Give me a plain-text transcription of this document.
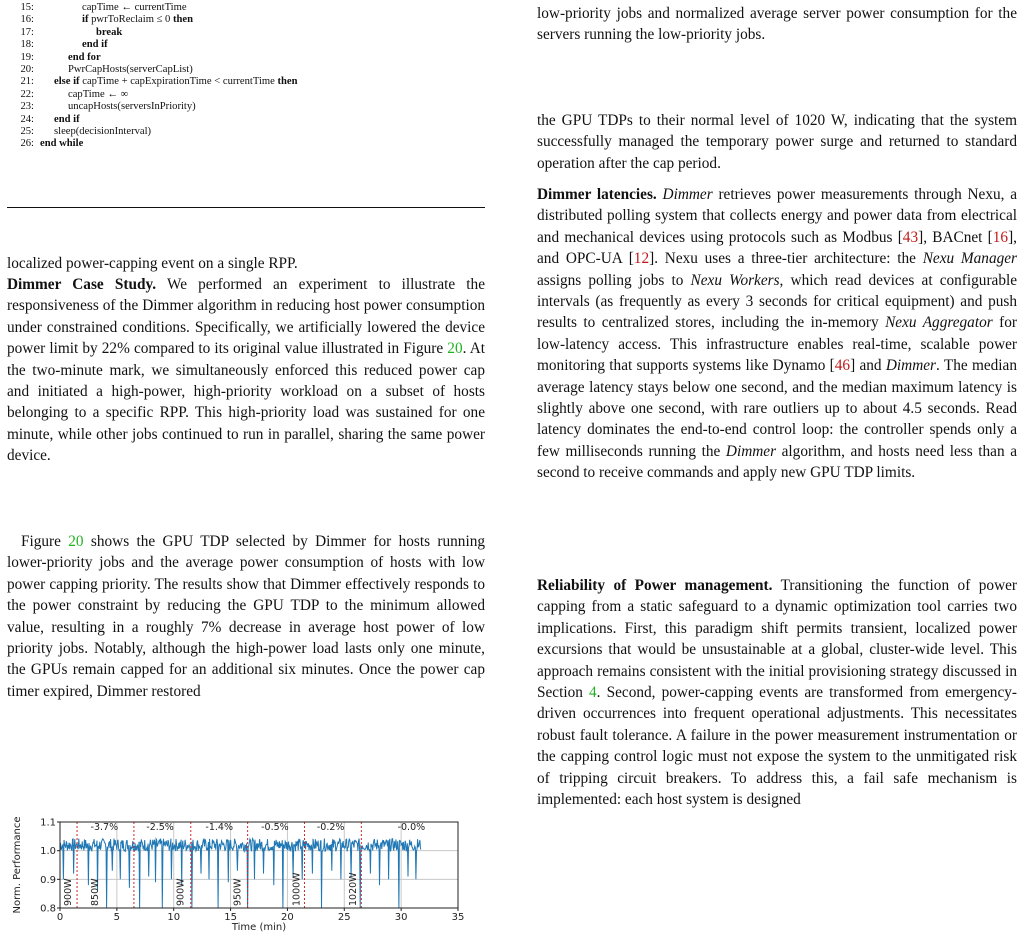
15:	capTime ← currentTime
16:	if pwrToReclaim ≤ 0 then
17:	break
18:	end if
19:	end for
20:	PwrCapHosts(serverCapList)
21: else if capTime + capExpirationTime < currentTime then
22:	capTime ← ∞
23:	uncapHosts(serversInPriority)
24: end if
25: sleep(decisionInterval)
26: end while
localized power-capping event on a single RPP.
Dimmer Case Study. We performed an experiment to illustrate the responsiveness of the Dimmer algorithm in reducing host power consumption under constrained conditions. Specifically, we artificially lowered the device power limit by 22% compared to its original value illustrated in Figure 20. At the two-minute mark, we simultaneously enforced this reduced power cap and initiated a high-power, high-priority workload on a subset of hosts belonging to a specific RPP. This high-priority load was sustained for one minute, while other jobs continued to run in parallel, sharing the same power device.
Figure 20 shows the GPU TDP selected by Dimmer for hosts running lower-priority jobs and the average power consumption of hosts with low power capping priority. The results show that Dimmer effectively responds to the power constraint by reducing the GPU TDP to the minimum allowed value, resulting in a roughly 7% decrease in average host power of low priority jobs. Notably, although the high-power load lasts only one minute, the GPUs remain capped for an additional six minutes. Once the power cap timer expired, Dimmer restored
-3.7%	-2.5%	-1.4%	-0.5%	-0.2%	-0.0%
900W 850W	900W	950W	1000W	1020W
0.8
0.9
1.0
1.1
0	5	10	15	20	25	30	35
Time (min)
Norm. Performance
low-priority jobs and normalized average server power consumption for the servers running the low-priority jobs.
the GPU TDPs to their normal level of 1020 W, indicating that the system successfully managed the temporary power surge and returned to standard operation after the cap period.
Dimmer latencies. Dimmer retrieves power measurements through Nexu, a distributed polling system that collects energy and power data from electrical and mechanical devices using protocols such as Modbus [43], BACnet [16], and OPC-UA [12]. Nexu uses a three-tier architecture: the Nexu Manager assigns polling jobs to Nexu Workers, which read devices at configurable intervals (as frequently as every 3 seconds for critical equipment) and push results to centralized stores, including the in-memory Nexu Aggregator for low-latency access. This infrastructure enables real-time, scalable power monitoring that supports systems like Dynamo [46] and Dimmer. The median average latency stays below one second, and the median maximum latency is slightly above one second, with rare outliers up to about 4.5 seconds. Read latency dominates the end-to-end control loop: the controller spends only a few milliseconds running the Dimmer algorithm, and hosts need less than a second to receive commands and apply new GPU TDP limits.
Reliability of Power management. Transitioning the function of power capping from a static safeguard to a dynamic optimization tool carries two implications. First, this paradigm shift permits transient, localized power excursions that would be unsustainable at a global, cluster-wide level. This approach remains consistent with the initial provisioning strategy discussed in Section 4. Second, power-capping events are transformed from emergency-driven occurrences into frequent operational adjustments. This necessitates robust fault tolerance. A failure in the power measurement instrumentation or the capping control logic must not expose the system to the unmitigated risk of tripping circuit breakers. To address this, a fail safe mechanism is implemented: each host system is designed
